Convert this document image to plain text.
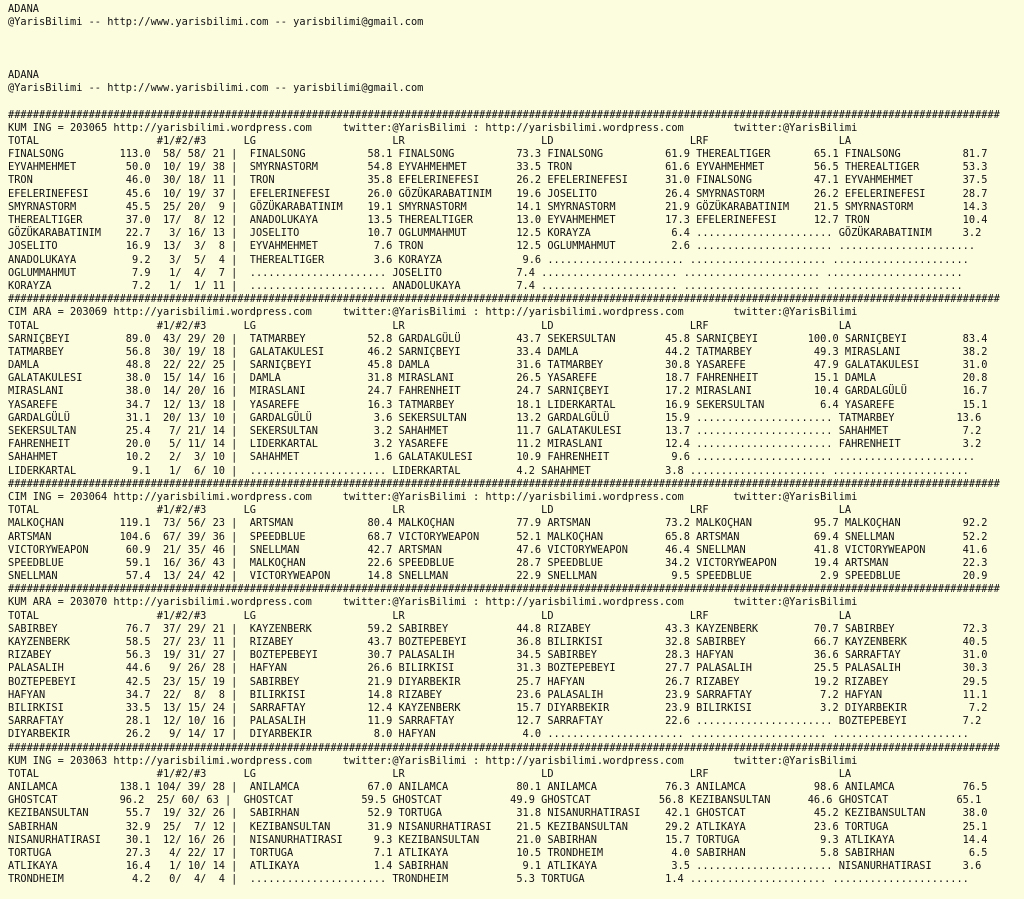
ADANA
@YarisBilimi -- http://www.yarisbilimi.com -- yarisbilimi@gmail.com

ADANA
@YarisBilimi -- http://www.yarisbilimi.com -- yarisbilimi@gmail.com

################################################################################################################################################################
KUM ING = 203065 http://yarisbilimi.wordpress.com     twitter:@YarisBilimi : http://yarisbilimi.wordpress.com        twitter:@YarisBilimi
TOTAL                   #1/#2/#3      LG                      LR                      LD                      LRF                     LA
FINALSONG         113.0  58/ 58/ 21 |  FINALSONG          58.1 FINALSONG          73.3 FINALSONG          61.9 THEREALTIGER       65.1 FINALSONG          81.7
EYVAHMEHMET        50.0  10/ 19/ 38 |  SMYRNASTORM        54.8 EYVAHMEHMET        33.5 TRON               61.6 EYVAHMEHMET        56.5 THEREALTIGER       53.3
TRON               46.0  30/ 18/ 11 |  TRON               35.8 EFELERINEFESI      26.2 EFELERINEFESI      31.0 FINALSONG          47.1 EYVAHMEHMET        37.5
EFELERINEFESI      45.6  10/ 19/ 37 |  EFELERINEFESI      26.0 GÖZÜKARABATINIM    19.6 JOSELITO           26.4 SMYRNASTORM        26.2 EFELERINEFESI      28.7
SMYRNASTORM        45.5  25/ 20/  9 |  GÖZÜKARABATINIM    19.1 SMYRNASTORM        14.1 SMYRNASTORM        21.9 GÖZÜKARABATINIM    21.5 SMYRNASTORM        14.3
THEREALTIGER       37.0  17/  8/ 12 |  ANADOLUKAYA        13.5 THEREALTIGER       13.0 EYVAHMEHMET        17.3 EFELERINEFESI      12.7 TRON               10.4
GÖZÜKARABATINIM    22.7   3/ 16/ 13 |  JOSELITO           10.7 OGLUMMAHMUT        12.5 KORAYZA             6.4 ...................... GÖZÜKARABATINIM     3.2
JOSELITO           16.9  13/  3/  8 |  EYVAHMEHMET         7.6 TRON               12.5 OGLUMMAHMUT         2.6 ...................... ......................
ANADOLUKAYA         9.2   3/  5/  4 |  THEREALTIGER        3.6 KORAYZA             9.6 ...................... ...................... ......................
OGLUMMAHMUT         7.9   1/  4/  7 |  ...................... JOSELITO            7.4 ...................... ...................... ......................
KORAYZA             7.2   1/  1/ 11 |  ...................... ANADOLUKAYA         7.4 ...................... ...................... ......................
################################################################################################################################################################
CIM ARA = 203069 http://yarisbilimi.wordpress.com     twitter:@YarisBilimi : http://yarisbilimi.wordpress.com        twitter:@YarisBilimi
TOTAL                   #1/#2/#3      LG                      LR                      LD                      LRF                     LA
SARNIÇBEYI         89.0  43/ 29/ 20 |  TATMARBEY          52.8 GARDALGÜLÜ         43.7 SEKERSULTAN        45.8 SARNIÇBEYI        100.0 SARNIÇBEYI         83.4
TATMARBEY          56.8  30/ 19/ 18 |  GALATAKULESI       46.2 SARNIÇBEYI         33.4 DAMLA              44.2 TATMARBEY          49.3 MIRASLANI          38.2
DAMLA              48.8  22/ 22/ 25 |  SARNIÇBEYI         45.8 DAMLA              31.6 TATMARBEY          30.8 YASAREFE           47.9 GALATAKULESI       31.0
GALATAKULESI       38.0  15/ 14/ 16 |  DAMLA              31.8 MIRASLANI          26.5 YASAREFE           18.7 FAHRENHEIT         15.1 DAMLA              20.8
MIRASLANI          38.0  14/ 20/ 16 |  MIRASLANI          24.7 FAHRENHEIT         24.7 SARNIÇBEYI         17.2 MIRASLANI          10.4 GARDALGÜLÜ         16.7
YASAREFE           34.7  12/ 13/ 18 |  YASAREFE           16.3 TATMARBEY          18.1 LIDERKARTAL        16.9 SEKERSULTAN         6.4 YASAREFE           15.1
GARDALGÜLÜ         31.1  20/ 13/ 10 |  GARDALGÜLÜ          3.6 SEKERSULTAN        13.2 GARDALGÜLÜ         15.9 ...................... TATMARBEY          13.6
SEKERSULTAN        25.4   7/ 21/ 14 |  SEKERSULTAN         3.2 SAHAHMET           11.7 GALATAKULESI       13.7 ...................... SAHAHMET            7.2
FAHRENHEIT         20.0   5/ 11/ 14 |  LIDERKARTAL         3.2 YASAREFE           11.2 MIRASLANI          12.4 ...................... FAHRENHEIT          3.2
SAHAHMET           10.2   2/  3/ 10 |  SAHAHMET            1.6 GALATAKULESI       10.9 FAHRENHEIT          9.6 ...................... ......................
LIDERKARTAL         9.1   1/  6/ 10 |  ...................... LIDERKARTAL         4.2 SAHAHMET            3.8 ...................... ......................
################################################################################################################################################################
CIM ING = 203064 http://yarisbilimi.wordpress.com     twitter:@YarisBilimi : http://yarisbilimi.wordpress.com        twitter:@YarisBilimi
TOTAL                   #1/#2/#3      LG                      LR                      LD                      LRF                     LA
MALKOÇHAN         119.1  73/ 56/ 23 |  ARTSMAN            80.4 MALKOÇHAN          77.9 ARTSMAN            73.2 MALKOÇHAN          95.7 MALKOÇHAN          92.2
ARTSMAN           104.6  67/ 39/ 36 |  SPEEDBLUE          68.7 VICTORYWEAPON      52.1 MALKOÇHAN          65.8 ARTSMAN            69.4 SNELLMAN           52.2
VICTORYWEAPON      60.9  21/ 35/ 46 |  SNELLMAN           42.7 ARTSMAN            47.6 VICTORYWEAPON      46.4 SNELLMAN           41.8 VICTORYWEAPON      41.6
SPEEDBLUE          59.1  16/ 36/ 43 |  MALKOÇHAN          22.6 SPEEDBLUE          28.7 SPEEDBLUE          34.2 VICTORYWEAPON      19.4 ARTSMAN            22.3
SNELLMAN           57.4  13/ 24/ 42 |  VICTORYWEAPON      14.8 SNELLMAN           22.9 SNELLMAN            9.5 SPEEDBLUE           2.9 SPEEDBLUE          20.9
################################################################################################################################################################
KUM ARA = 203070 http://yarisbilimi.wordpress.com     twitter:@YarisBilimi : http://yarisbilimi.wordpress.com        twitter:@YarisBilimi
TOTAL                   #1/#2/#3      LG                      LR                      LD                      LRF                     LA
SABIRBEY           76.7  37/ 29/ 21 |  KAYZENBERK         59.2 SABIRBEY           44.8 RIZABEY            43.3 KAYZENBERK         70.7 SABIRBEY           72.3
KAYZENBERK         58.5  27/ 23/ 11 |  RIZABEY            43.7 BOZTEPEBEYI        36.8 BILIRKISI          32.8 SABIRBEY           66.7 KAYZENBERK         40.5
RIZABEY            56.3  19/ 31/ 27 |  BOZTEPEBEYI        30.7 PALASALIH          34.5 SABIRBEY           28.3 HAFYAN             36.6 SARRAFTAY          31.0
PALASALIH          44.6   9/ 26/ 28 |  HAFYAN             26.6 BILIRKISI          31.3 BOZTEPEBEYI        27.7 PALASALIH          25.5 PALASALIH          30.3
BOZTEPEBEYI        42.5  23/ 15/ 19 |  SABIRBEY           21.9 DIYARBEKIR         25.7 HAFYAN             26.7 RIZABEY            19.2 RIZABEY            29.5
HAFYAN             34.7  22/  8/  8 |  BILIRKISI          14.8 RIZABEY            23.6 PALASALIH          23.9 SARRAFTAY           7.2 HAFYAN             11.1
BILIRKISI          33.5  13/ 15/ 24 |  SARRAFTAY          12.4 KAYZENBERK         15.7 DIYARBEKIR         23.9 BILIRKISI           3.2 DIYARBEKIR          7.2
SARRAFTAY          28.1  12/ 10/ 16 |  PALASALIH          11.9 SARRAFTAY          12.7 SARRAFTAY          22.6 ...................... BOZTEPEBEYI         7.2
DIYARBEKIR         26.2   9/ 14/ 17 |  DIYARBEKIR          8.0 HAFYAN              4.0 ...................... ...................... ......................
################################################################################################################################################################
KUM ING = 203063 http://yarisbilimi.wordpress.com     twitter:@YarisBilimi : http://yarisbilimi.wordpress.com        twitter:@YarisBilimi
TOTAL                   #1/#2/#3      LG                      LR                      LD                      LRF                     LA
ANILAMCA          138.1 104/ 39/ 28 |  ANILAMCA           67.0 ANILAMCA           80.1 ANILAMCA           76.3 ANILAMCA           98.6 ANILAMCA           76.5
GHOSTCAT          96.2  25/ 60/ 63 |  GHOSTCAT           59.5 GHOSTCAT           49.9 GHOSTCAT           56.8 KEZIBANSULTAN      46.6 GHOSTCAT           65.1
KEZIBANSULTAN      55.7  19/ 32/ 26 |  SABIRHAN           52.9 TORTUGA            31.8 NISANURHATIRASI    42.1 GHOSTCAT           45.2 KEZIBANSULTAN      38.0
SABIRHAN           32.9  25/  7/ 12 |  KEZIBANSULTAN      31.9 NISANURHATIRASI    21.5 KEZIBANSULTAN      29.2 ATLIKAYA           23.6 TORTUGA            25.1
NISANURHATIRASI    30.1  12/ 16/ 26 |  NISANURHATIRASI     9.3 KEZIBANSULTAN      21.0 SABIRHAN           15.7 TORTUGA             9.3 ATLIKAYA           14.4
TORTUGA            27.3   4/ 22/ 17 |  TORTUGA             7.1 ATLIKAYA           10.5 TRONDHEIM           4.0 SABIRHAN            5.8 SABIRHAN            6.5
ATLIKAYA           16.4   1/ 10/ 14 |  ATLIKAYA            1.4 SABIRHAN            9.1 ATLIKAYA            3.5 ...................... NISANURHATIRASI     3.6
TRONDHEIM           4.2   0/  4/  4 |  ...................... TRONDHEIM           5.3 TORTUGA             1.4 ...................... ......................
